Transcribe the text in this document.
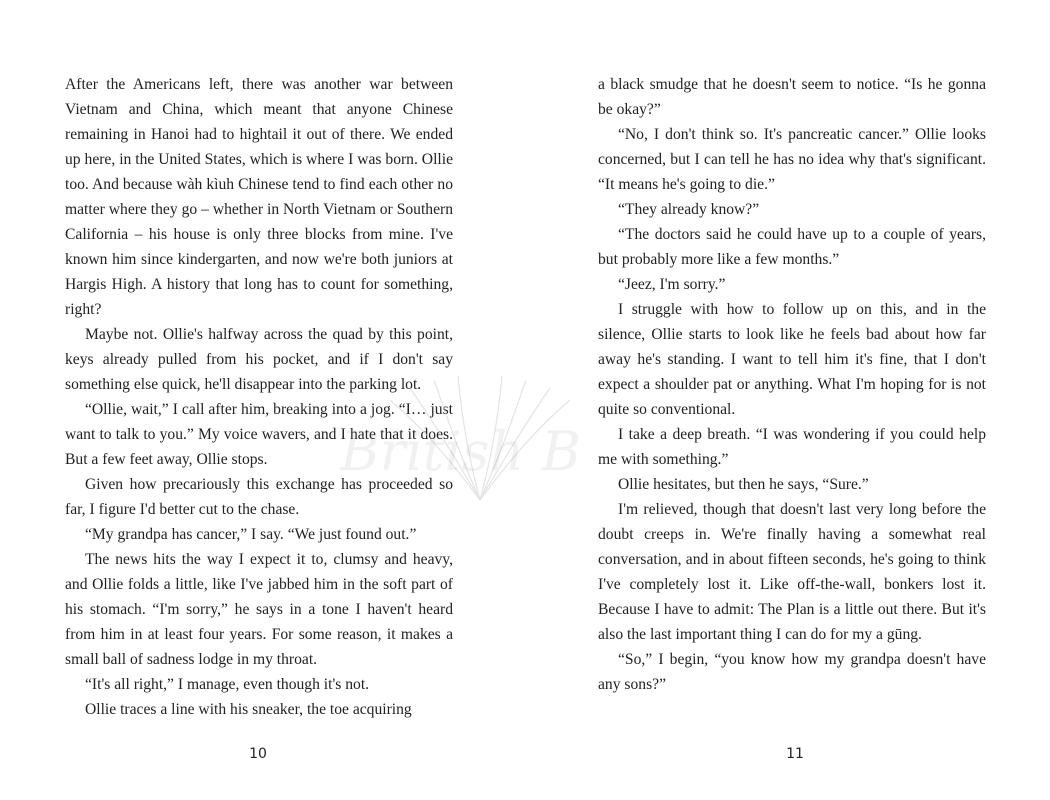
After the Americans left, there was another war between Vietnam and China, which meant that anyone Chinese remaining in Hanoi had to hightail it out of there. We ended up here, in the United States, which is where I was born. Ollie too. And because wàh kìuh Chinese tend to find each other no matter where they go – whether in North Vietnam or Southern California – his house is only three blocks from mine. I've known him since kindergarten, and now we're both juniors at Hargis High. A history that long has to count for something, right?

Maybe not. Ollie's halfway across the quad by this point, keys already pulled from his pocket, and if I don't say something else quick, he'll disappear into the parking lot.

“Ollie, wait,” I call after him, breaking into a jog. “I… just want to talk to you.” My voice wavers, and I hate that it does. But a few feet away, Ollie stops.

Given how precariously this exchange has proceeded so far, I figure I'd better cut to the chase.

“My grandpa has cancer,” I say. “We just found out.”

The news hits the way I expect it to, clumsy and heavy, and Ollie folds a little, like I've jabbed him in the soft part of his stomach. “I'm sorry,” he says in a tone I haven't heard from him in at least four years. For some reason, it makes a small ball of sadness lodge in my throat.

“It's all right,” I manage, even though it's not.

Ollie traces a line with his sneaker, the toe acquiring

10

a black smudge that he doesn't seem to notice. “Is he gonna be okay?”

“No, I don't think so. It's pancreatic cancer.” Ollie looks concerned, but I can tell he has no idea why that's significant. “It means he's going to die.”

“They already know?”

“The doctors said he could have up to a couple of years, but probably more like a few months.”

“Jeez, I'm sorry.”

I struggle with how to follow up on this, and in the silence, Ollie starts to look like he feels bad about how far away he's standing. I want to tell him it's fine, that I don't expect a shoulder pat or anything. What I'm hoping for is not quite so conventional.

I take a deep breath. “I was wondering if you could help me with something.”

Ollie hesitates, but then he says, “Sure.”

I'm relieved, though that doesn't last very long before the doubt creeps in. We're finally having a somewhat real conversation, and in about fifteen seconds, he's going to think I've completely lost it. Like off-the-wall, bonkers lost it. Because I have to admit: The Plan is a little out there. But it's also the last important thing I can do for my a gūng.

“So,” I begin, “you know how my grandpa doesn't have any sons?”

11
British B
